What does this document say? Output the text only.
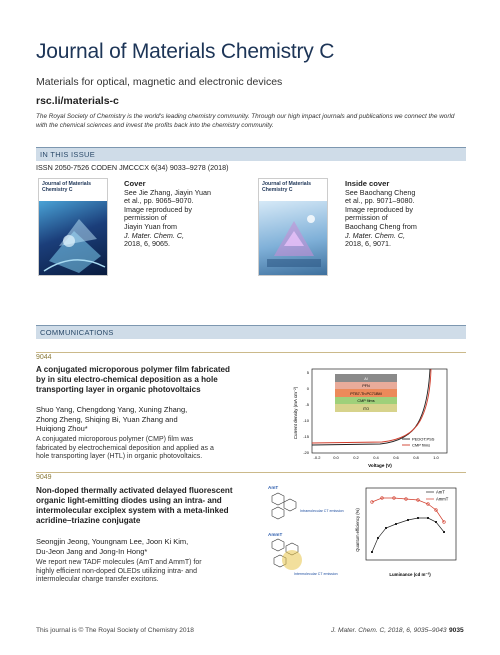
Journal of Materials Chemistry C
Materials for optical, magnetic and electronic devices
rsc.li/materials-c
The Royal Society of Chemistry is the world's leading chemistry community. Through our high impact journals and publications we connect the world with the chemical sciences and invest the profits back into the chemistry community.
IN THIS ISSUE
ISSN 2050-7526 CODEN JMCCCX 6(34) 9033–9278 (2018)
Journal of Materials Chemistry C
Cover
See Jie Zhang, Jiayin Yuan
et al., pp. 9065–9070.
Image reproduced by
permission of
Jiayin Yuan from
J. Mater. Chem. C,
2018, 6, 9065.
Journal of Materials Chemistry C
Inside cover
See Baochang Cheng
et al., pp. 9071–9080.
Image reproduced by
permission of
Baochang Cheng from
J. Mater. Chem. C,
2018, 6, 9071.
COMMUNICATIONS
9044
A conjugated microporous polymer film fabricated
by in situ electro-chemical deposition as a hole
transporting layer in organic photovoltaics
Shuo Yang, Chengdong Yang, Xuning Zhang,
Zhong Zheng, Shiqing Bi, Yuan Zhang and
Huiqiong Zhou*
A conjugated microporous polymer (CMP) film was
fabricated by electrochemical deposition and applied as a
hole transporting layer (HTL) in organic photovoltaics.
Current density (mA cm⁻²)
5
0
-5
-10
-15
-20
-0.2	0.0	0.2	0.4	0.6	0.8	1.0
Voltage (V)
Al
PFN
PTB7-Th:PC71BM
CMP films
ITO
PEDOT:PSS
CMP films
9049
Non-doped thermally activated delayed fluorescent
organic light-emitting diodes using an intra- and
intermolecular exciplex system with a meta-linked
acridine–triazine conjugate
Seongjin Jeong, Youngnam Lee, Joon Ki Kim,
Du-Jeon Jang and Jong-In Hong*
We report new TADF molecules (AmT and AmmT) for
highly efficient non-doped OLEDs utilizing intra- and
intermolecular charge transfer excitons.
AmT
Intramolecular CT emission
AmmT
Intermolecular CT emission
Quantum efficiency (%)
Luminance (cd m⁻²)
AmT
AmmT
This journal is © The Royal Society of Chemistry 2018	J. Mater. Chem. C, 2018, 6, 9035–9043 9035
